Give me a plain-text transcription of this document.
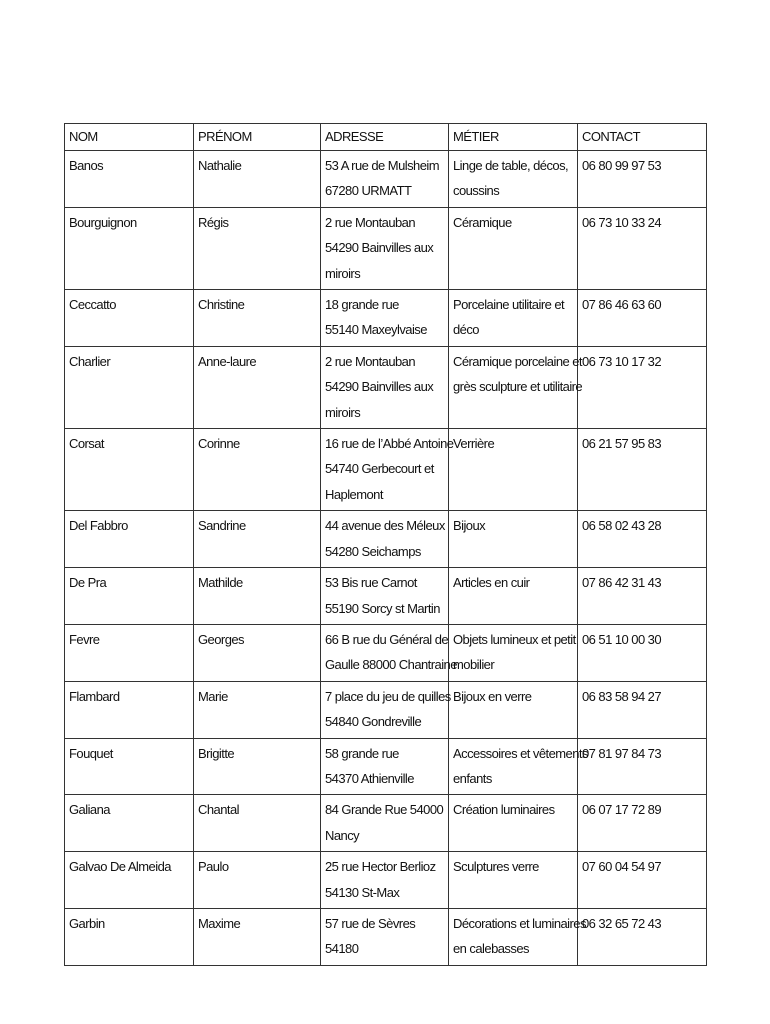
NOM	PRÉNOM	ADRESSE	MÉTIER	CONTACT

Banos	Nathalie	53 A rue de Mulsheim
67280 URMATT	Linge de table, décos,
coussins	06 80 99 97 53

Bourguignon	Régis	2 rue Montauban
54290 Bainvilles aux
miroirs	Céramique	06 73 10 33 24

Ceccatto	Christine	18 grande rue
55140 Maxeylvaise	Porcelaine utilitaire et
déco	07 86 46 63 60

Charlier	Anne-laure	2 rue Montauban
54290 Bainvilles aux
miroirs	Céramique porcelaine et
grès sculpture et utilitaire	06 73 10 17 32

Corsat	Corinne	16 rue de l’Abbé Antoine
54740 Gerbecourt et
Haplemont	Verrière	06 21 57 95 83

Del Fabbro	Sandrine	44 avenue des Méleux
54280 Seichamps	Bijoux	06 58 02 43 28

De Pra	Mathilde	53 Bis rue Carnot
55190 Sorcy st Martin	Articles en cuir	07 86 42 31 43

Fevre	Georges	66 B rue du Général de
Gaulle 88000 Chantraine	Objets lumineux et petit
mobilier	06 51 10 00 30

Flambard	Marie	7 place du jeu de quilles
54840 Gondreville	Bijoux en verre	06 83 58 94 27

Fouquet	Brigitte	58 grande rue
54370 Athienville	Accessoires et vêtements
enfants	07 81 97 84 73

Galiana	Chantal	84 Grande Rue 54000
Nancy	Création luminaires	06 07 17 72 89

Galvao De Almeida	Paulo	25 rue Hector Berlioz
54130 St-Max	Sculptures verre	07 60 04 54 97

Garbin	Maxime	57 rue de Sèvres
54180	Décorations et luminaires
en calebasses	06 32 65 72 43
